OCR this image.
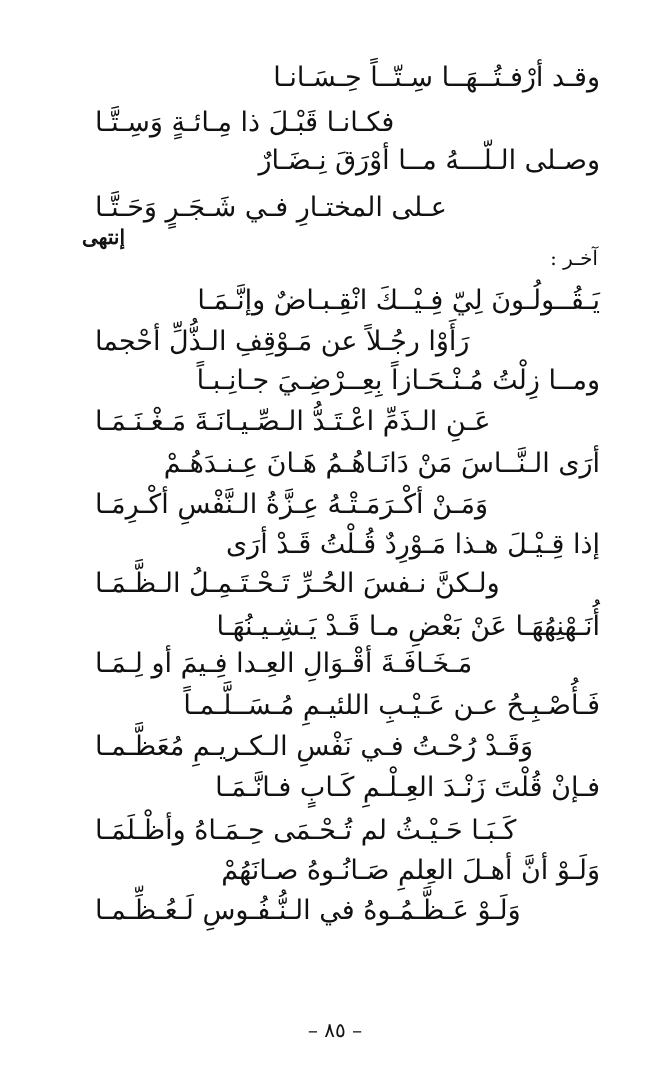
وقـد أرْفـتُــهَــا سِـتّــاً حِـسَـانـا
فكـانـا قَبْـلَ ذا مِـائـةٍ وَسِـتَّـا
وصـلى الـلّـــهُ مــا أوْرَقَ نِـضَـارٌ
عـلى المختـارِ فـي شَـجَـرٍ وَحَـتَّـا
إنتهى
آخـر :
يَـقُــولُـونَ لِيّ فِـيْــكَ انْقِـبـاضٌ وإنَّـمَـا
رَأَوْا رجُـلاً عن مَـوْقِفِ الـذُّلِّ أحْجما
ومــا زِلْتُ مُـنْـحَـازاً بِعِــرْضِـيَ جـانِـبـاً
عَـنِ الـذَمِّ اعْـتَـدُّ الـصِّـيـانَـةَ مَـغْـنَـمَـا
أرَى الـنَّــاسَ مَنْ دَانَـاهُـمُ هَـانَ عِـنـدَهُـمْ
وَمَـنْ أكْـرَمَـتْـهُ عِـزَّةُ الـنَّفْسِ أكْـرِمَـا
إذا قِـيْـلَ هـذا مَـوْرِدٌ قُـلْتُ قَـدْ أرَى
ولـكنَّ نـفسَ الحُـرِّ تَـحْـتَـمِـلُ الـظَّـمَـا
أُنَـهْنِهُهَـا عَنْ بَعْضِ مـا قَـدْ يَـشِـيـنُهَـا
مَـخَـافَـةَ أقْـوَالِ العِـدا فِـيمَ أو لِـمَـا
فَـأُصْـبِـحُ عـن عَـيْـبِ اللئيـمِ مُـسَــلَّـمـاً
وَقَـدْ رُحْـتُ فـي نَفْسِ الـكـريـمِ مُعَظَّـمـا
فـإنْ قُلْتَ زَنْـدَ العِـلْـمِ كَـابٍ فـانَّـمَـا
كَـبَـا حَـيْـثُ لم تُـحْـمَى حِـمَـاهُ وأظْـلَمَـا
وَلَـوْ أنَّ أهـلَ العِلمِ صَـانُـوهُ صـانَهُمْ
وَلَـوْ عَـظَّـمُـوهُ في الـنُّـفُـوسِ لَـعُـظِّـمـا
– ٨٥ –
